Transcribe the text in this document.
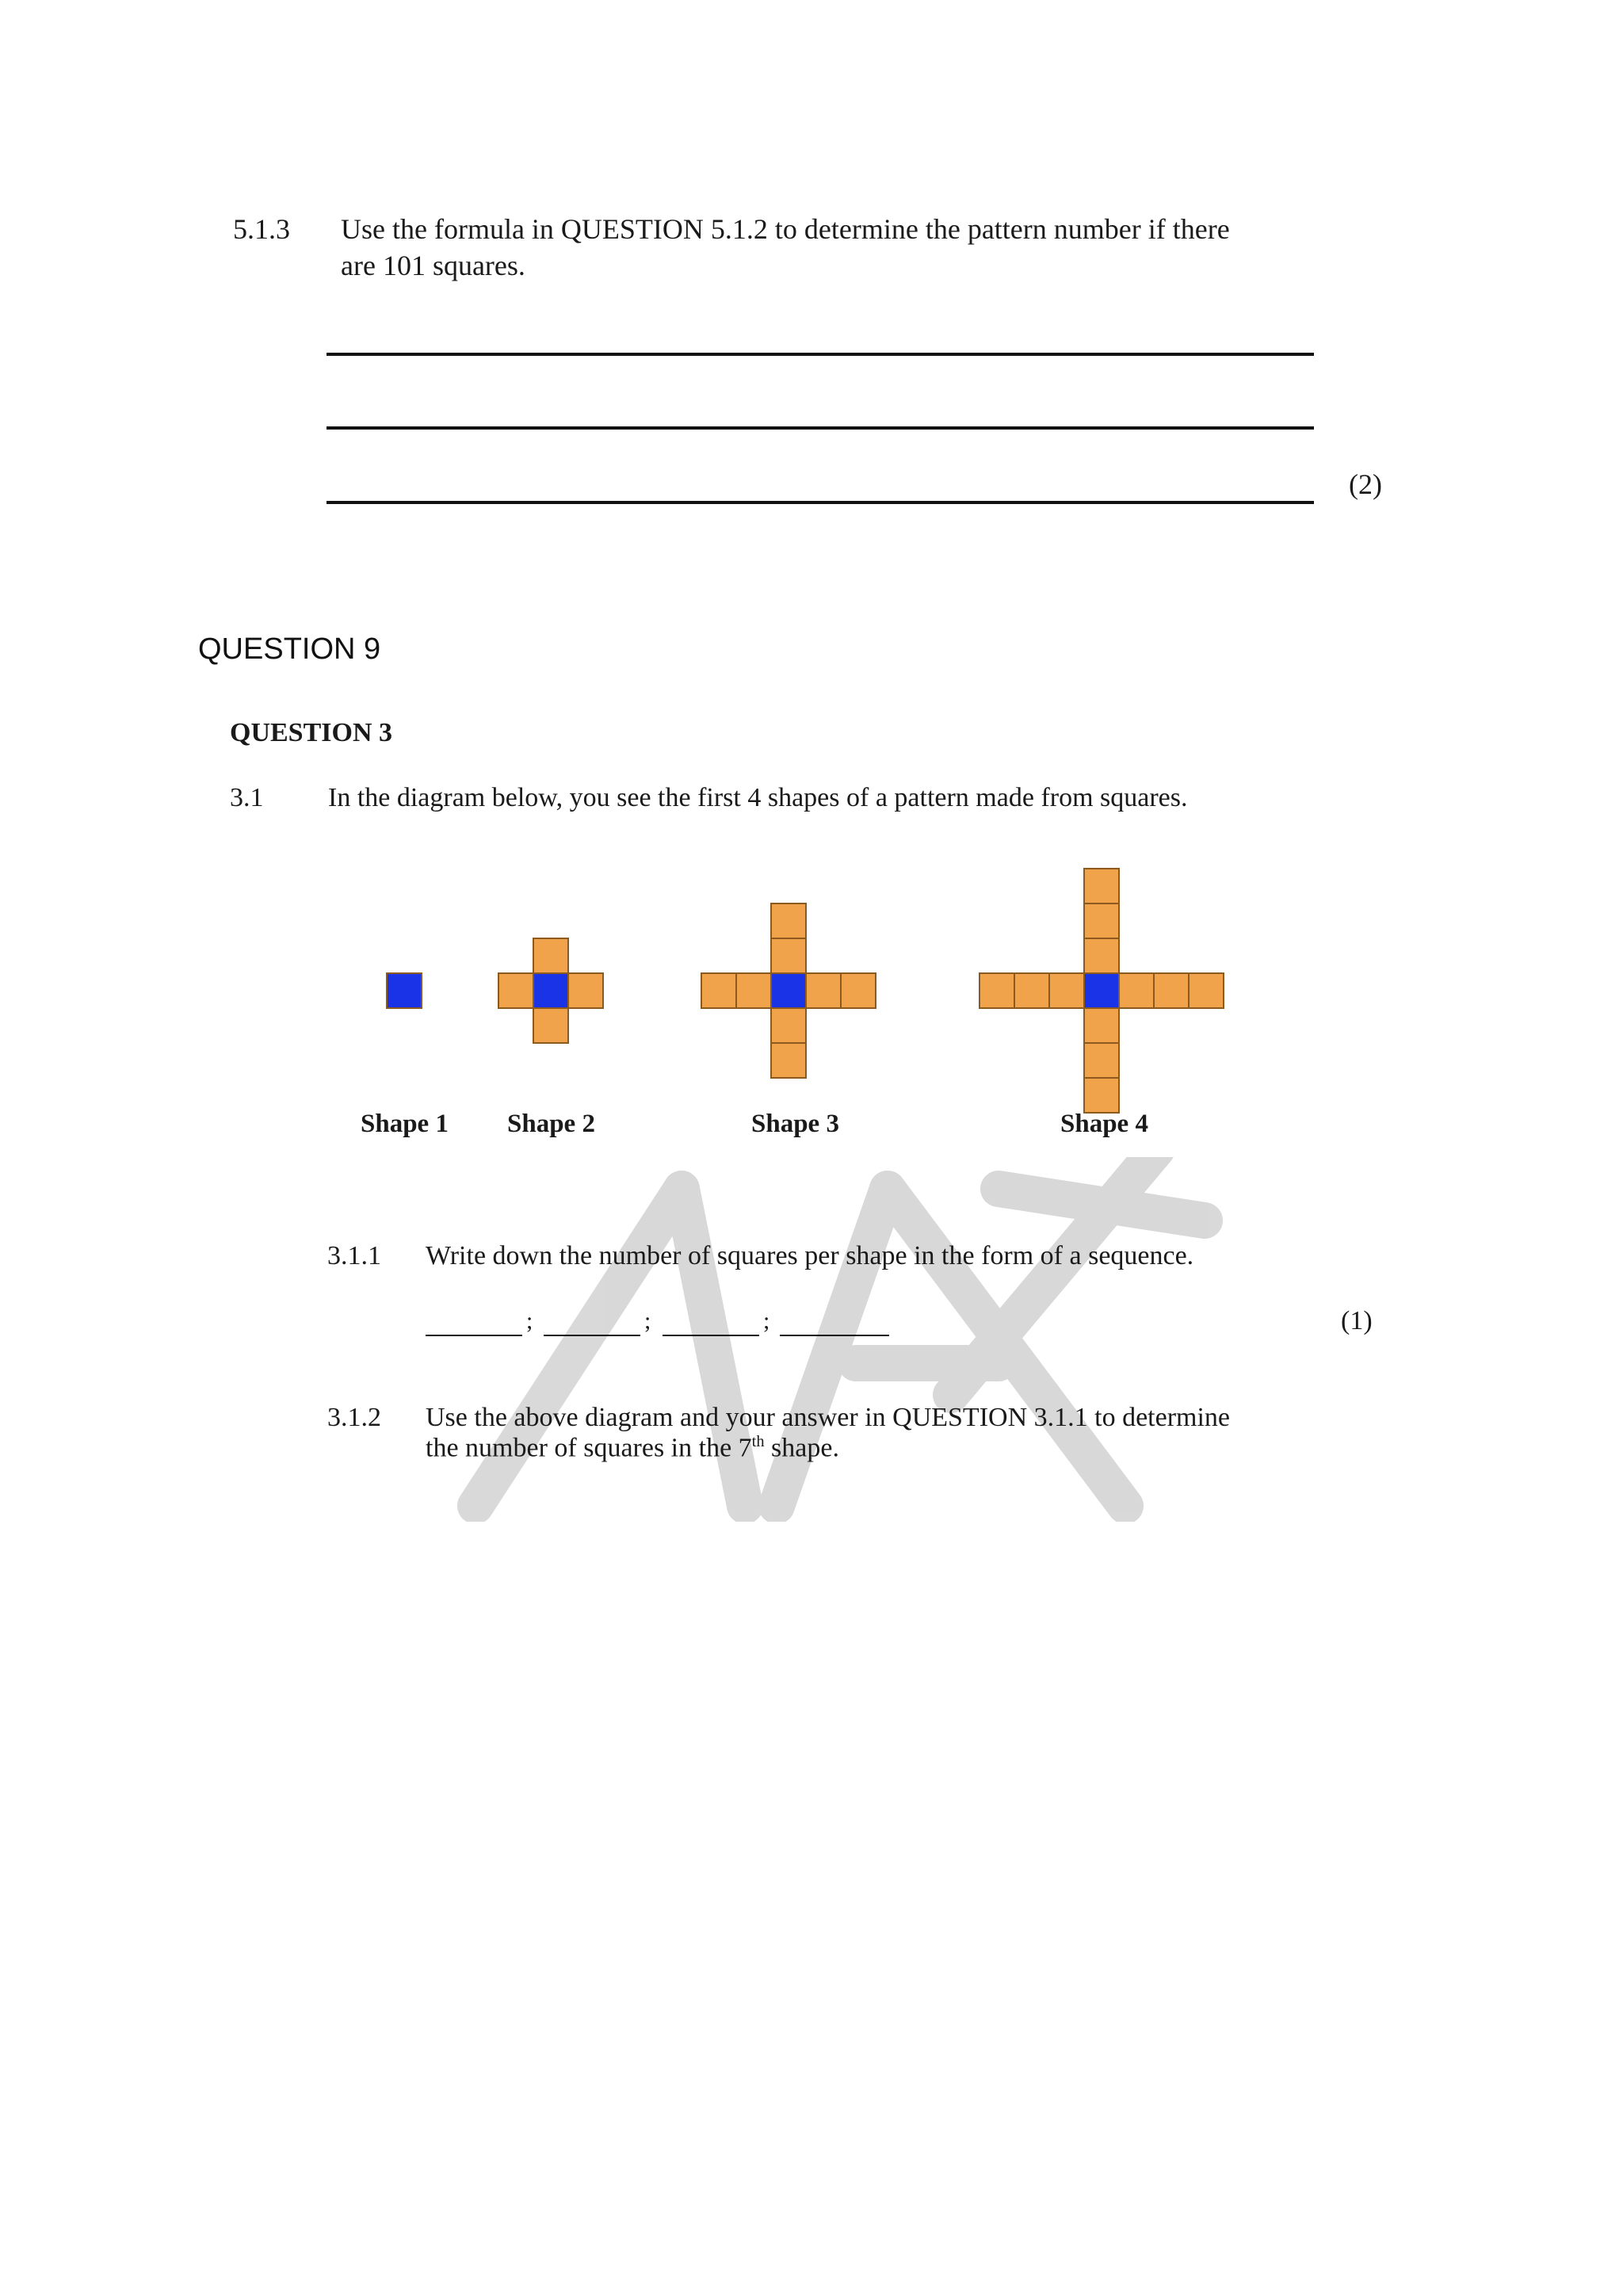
5.1.3 Use the formula in QUESTION 5.1.2 to determine the pattern number if there
are 101 squares.
(2)
QUESTION 9
QUESTION 3
3.1 In the diagram below, you see the first 4 shapes of a pattern made from squares.
Shape 1 Shape 2	Shape 3	Shape 4
3.1.1 Write down the number of squares per shape in the form of a sequence.
;	;	;	(1)
3.1.2 Use the above diagram and your answer in QUESTION 3.1.1 to determine
the number of squares in the 7th shape.
